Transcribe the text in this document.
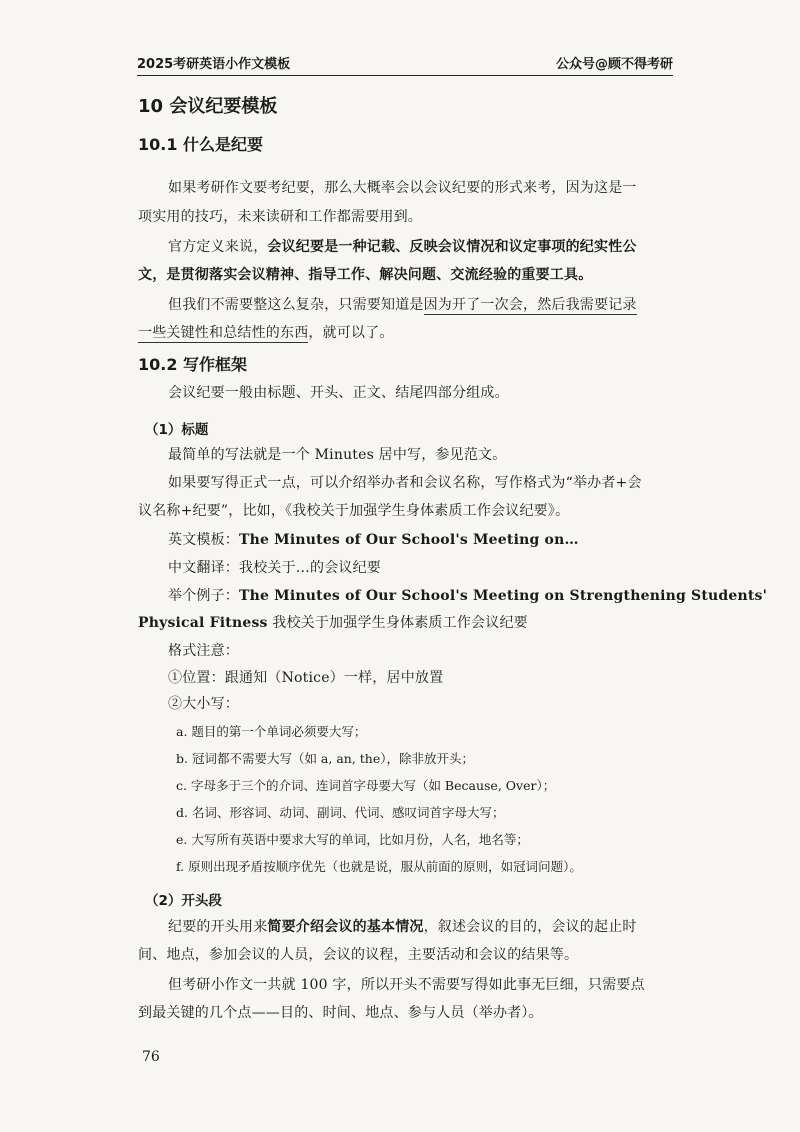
2025考研英语小作文模板	公众号@顾不得考研
10 会议纪要模板
10.1 什么是纪要
如果考研作文要考纪要，那么大概率会以会议纪要的形式来考，因为这是一
项实用的技巧，未来读研和工作都需要用到。
官方定义来说，会议纪要是一种记载、反映会议情况和议定事项的纪实性公
文，是贯彻落实会议精神、指导工作、解决问题、交流经验的重要工具。
但我们不需要整这么复杂，只需要知道是因为开了一次会，然后我需要记录
一些关键性和总结性的东西，就可以了。
10.2 写作框架
会议纪要一般由标题、开头、正文、结尾四部分组成。
（1）标题
最简单的写法就是一个 Minutes 居中写，参见范文。
如果要写得正式一点，可以介绍举办者和会议名称，写作格式为“举办者+会
议名称+纪要”，比如，《我校关于加强学生身体素质工作会议纪要》。
英文模板：The Minutes of Our School's Meeting on…
中文翻译：我校关于…的会议纪要
举个例子：The Minutes of Our School's Meeting on Strengthening Students'
Physical Fitness 我校关于加强学生身体素质工作会议纪要
格式注意：
①位置：跟通知（Notice）一样，居中放置
②大小写：
a. 题目的第一个单词必须要大写；
b. 冠词都不需要大写（如 a, an, the），除非放开头；
c. 字母多于三个的介词、连词首字母要大写（如 Because, Over）；
d. 名词、形容词、动词、副词、代词、感叹词首字母大写；
e. 大写所有英语中要求大写的单词，比如月份，人名，地名等；
f. 原则出现矛盾按顺序优先（也就是说，服从前面的原则，如冠词问题）。
（2）开头段
纪要的开头用来简要介绍会议的基本情况，叙述会议的目的，会议的起止时
间、地点，参加会议的人员，会议的议程，主要活动和会议的结果等。
但考研小作文一共就 100 字，所以开头不需要写得如此事无巨细，只需要点
到最关键的几个点——目的、时间、地点、参与人员（举办者）。
76
